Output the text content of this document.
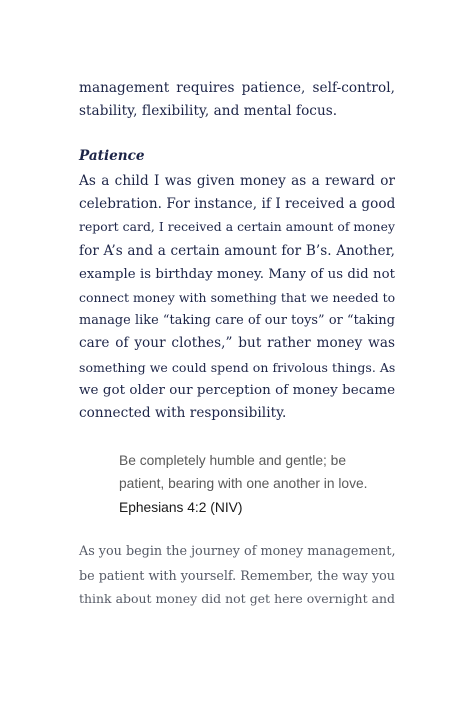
management requires patience, self-control,
stability, flexibility, and mental focus.
Patience
As a child I was given money as a reward or
celebration. For instance, if I received a good
report card, I received a certain amount of money
for A’s and a certain amount for B’s. Another,
example is birthday money. Many of us did not
connect money with something that we needed to
manage like “taking care of our toys” or “taking
care of your clothes,” but rather money was
something we could spend on frivolous things. As
we got older our perception of money became
connected with responsibility.
Be completely humble and gentle; be
patient, bearing with one another in love.
Ephesians 4:2 (NIV)
As you begin the journey of money management,
be patient with yourself. Remember, the way you
think about money did not get here overnight and
